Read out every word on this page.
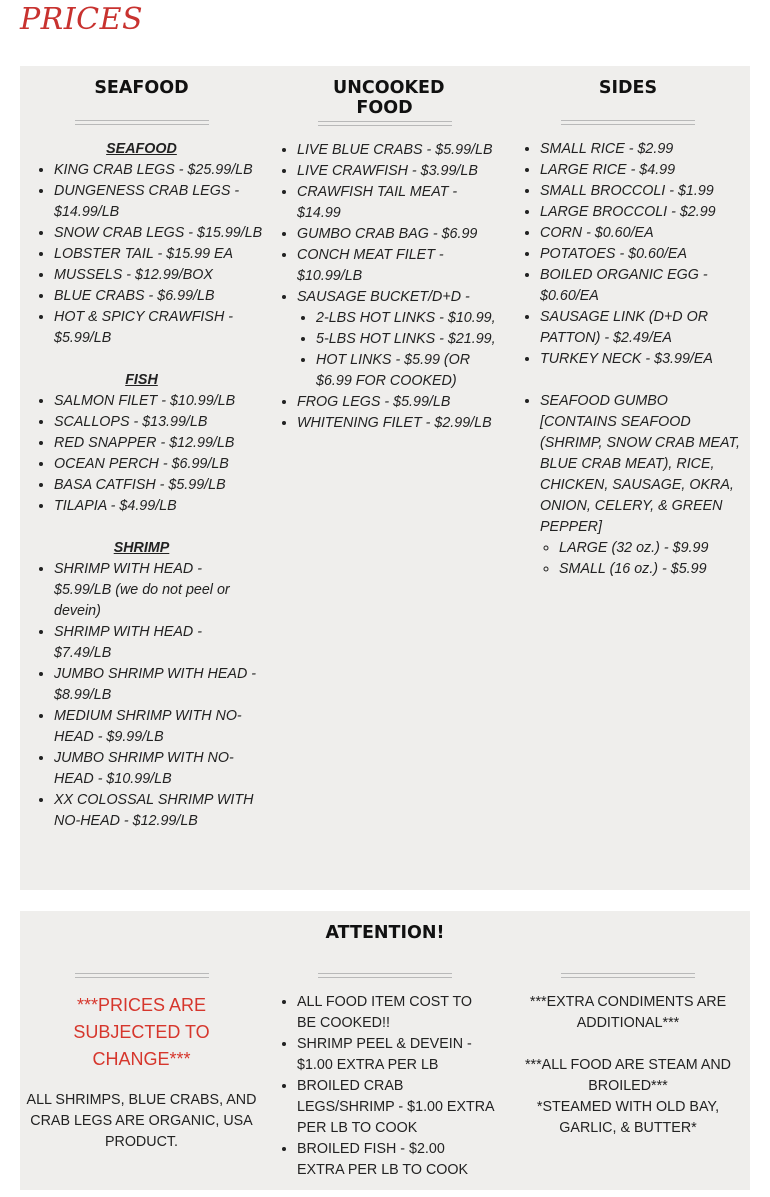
PRICES
SEAFOOD

SEAFOOD

• KING CRAB LEGS - $25.99/LB
• DUNGENESS CRAB LEGS - $14.99/LB
• SNOW CRAB LEGS - $15.99/LB
• LOBSTER TAIL - $15.99 EA
• MUSSELS - $12.99/BOX
• BLUE CRABS - $6.99/LB
• HOT & SPICY CRAWFISH - $5.99/LB

FISH

• SALMON FILET - $10.99/LB
• SCALLOPS - $13.99/LB
• RED SNAPPER - $12.99/LB
• OCEAN PERCH - $6.99/LB
• BASA CATFISH - $5.99/LB
• TILAPIA - $4.99/LB

SHRIMP

• SHRIMP WITH HEAD - $5.99/LB (we do not peel or devein)
• SHRIMP WITH HEAD - $7.49/LB
• JUMBO SHRIMP WITH HEAD - $8.99/LB
• MEDIUM SHRIMP WITH NO-HEAD - $9.99/LB
• JUMBO SHRIMP WITH NO-HEAD - $10.99/LB
• XX COLOSSAL SHRIMP WITH NO-HEAD - $12.99/LB
UNCOOKED FOOD
• LIVE BLUE CRABS - $5.99/LB
• LIVE CRAWFISH - $3.99/LB
• CRAWFISH TAIL MEAT - $14.99
• GUMBO CRAB BAG - $6.99
• CONCH MEAT FILET - $10.99/LB
• SAUSAGE BUCKET/D+D -
• 2-LBS HOT LINKS - $10.99,
• 5-LBS HOT LINKS - $21.99,
• HOT LINKS - $5.99 (OR $6.99 FOR COOKED)
• FROG LEGS - $5.99/LB
• WHITENING FILET - $2.99/LB
SIDES
• SMALL RICE - $2.99
• LARGE RICE - $4.99
• SMALL BROCCOLI - $1.99
• LARGE BROCCOLI - $2.99
• CORN - $0.60/EA
• POTATOES - $0.60/EA
• BOILED ORGANIC EGG - $0.60/EA
• SAUSAGE LINK (D+D OR PATTON) - $2.49/EA
• TURKEY NECK - $3.99/EA
• SEAFOOD GUMBO [CONTAINS SEAFOOD (SHRIMP, SNOW CRAB MEAT, BLUE CRAB MEAT), RICE, CHICKEN, SAUSAGE, OKRA, ONION, CELERY, & GREEN PEPPER]
◦ LARGE (32 oz.) - $9.99
◦ SMALL (16 oz.) - $5.99
ATTENTION!

***PRICES ARE SUBJECTED TO CHANGE***

ALL SHRIMPS, BLUE CRABS, AND CRAB LEGS ARE ORGANIC, USA PRODUCT.

• ALL FOOD ITEM COST TO BE COOKED!!
• SHRIMP PEEL & DEVEIN - $1.00 EXTRA PER LB
• BROILED CRAB LEGS/SHRIMP - $1.00 EXTRA PER LB TO COOK
• BROILED FISH - $2.00 EXTRA PER LB TO COOK

***EXTRA CONDIMENTS ARE ADDITIONAL***

***ALL FOOD ARE STEAM AND BROILED***

*STEAMED WITH OLD BAY, GARLIC, & BUTTER*
